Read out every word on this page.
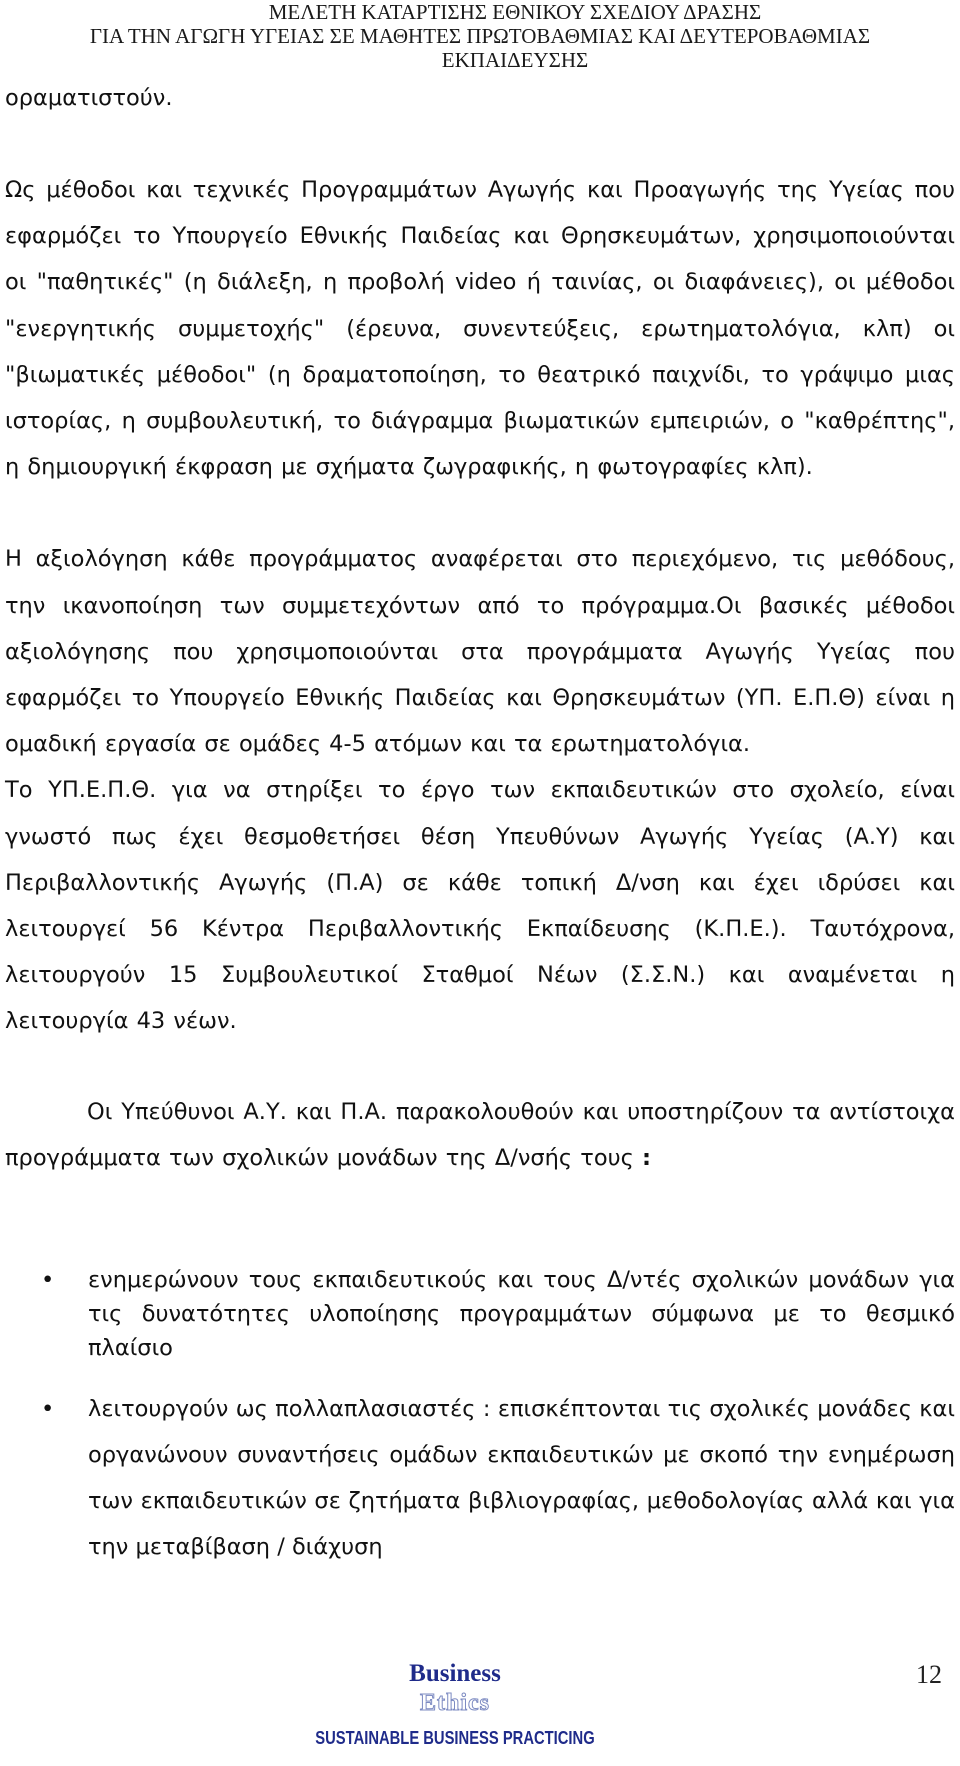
ΜΕΛΕΤΗ ΚΑΤΑΡΤΙΣΗΣ ΕΘΝΙΚΟΥ ΣΧΕΔΙΟΥ ΔΡΑΣΗΣ
ΓΙΑ ΤΗΝ ΑΓΩΓΗ ΥΓΕΙΑΣ ΣΕ ΜΑΘΗΤΕΣ ΠΡΩΤΟΒΑΘΜΙΑΣ ΚΑΙ ΔΕΥΤΕΡΟΒΑΘΜΙΑΣ
ΕΚΠΑΙΔΕΥΣΗΣ

οραματιστούν.

Ως μέθοδοι και τεχνικές Προγραμμάτων Αγωγής και Προαγωγής της Υγείας που εφαρμόζει το Υπουργείο Εθνικής Παιδείας και Θρησκευμάτων, χρησιμοποιούνται οι "παθητικές" (η διάλεξη, η προβολή video ή ταινίας, οι διαφάνειες), οι μέθοδοι "ενεργητικής συμμετοχής" (έρευνα, συνεντεύξεις, ερωτηματολόγια, κλπ) οι "βιωματικές μέθοδοι" (η δραματοποίηση, το θεατρικό παιχνίδι, το γράψιμο μιας ιστορίας, η συμβουλευτική, το διάγραμμα βιωματικών εμπειριών, ο "καθρέπτης", η δημιουργική έκφραση με σχήματα ζωγραφικής, η φωτογραφίες κλπ).

Η αξιολόγηση κάθε προγράμματος αναφέρεται στο περιεχόμενο, τις μεθόδους, την ικανοποίηση των συμμετεχόντων από το πρόγραμμα.Οι βασικές μέθοδοι αξιολόγησης που χρησιμοποιούνται στα προγράμματα Αγωγής Υγείας που εφαρμόζει το Υπουργείο Εθνικής Παιδείας και Θρησκευμάτων (ΥΠ. Ε.Π.Θ) είναι η ομαδική εργασία σε ομάδες 4-5 ατόμων και τα ερωτηματολόγια.

Το ΥΠ.Ε.Π.Θ. για να στηρίξει το έργο των εκπαιδευτικών στο σχολείο, είναι γνωστό πως έχει θεσμοθετήσει θέση Υπευθύνων Αγωγής Υγείας (Α.Υ) και Περιβαλλοντικής Αγωγής (Π.Α) σε κάθε τοπική Δ/νση και έχει ιδρύσει και λειτουργεί 56 Κέντρα Περιβαλλοντικής Εκπαίδευσης (Κ.Π.Ε.). Ταυτόχρονα, λειτουργούν 15 Συμβουλευτικοί Σταθμοί Νέων (Σ.Σ.Ν.) και αναμένεται η λειτουργία 43 νέων.

Οι Υπεύθυνοι Α.Υ. και Π.Α. παρακολουθούν και υποστηρίζουν τα αντίστοιχα προγράμματα των σχολικών μονάδων της Δ/νσής τους :

• ενημερώνουν τους εκπαιδευτικούς και τους Δ/ντές σχολικών μονάδων για τις δυνατότητες υλοποίησης προγραμμάτων σύμφωνα με το θεσμικό πλαίσιο
• λειτουργούν ως πολλαπλασιαστές : επισκέπτονται τις σχολικές μονάδες και οργανώνουν συναντήσεις ομάδων εκπαιδευτικών με σκοπό την ενημέρωση των εκπαιδευτικών σε ζητήματα βιβλιογραφίας, μεθοδολογίας αλλά και για την μεταβίβαση / διάχυση
Business
Ethics
SUSTAINABLE BUSINESS PRACTICING
12
